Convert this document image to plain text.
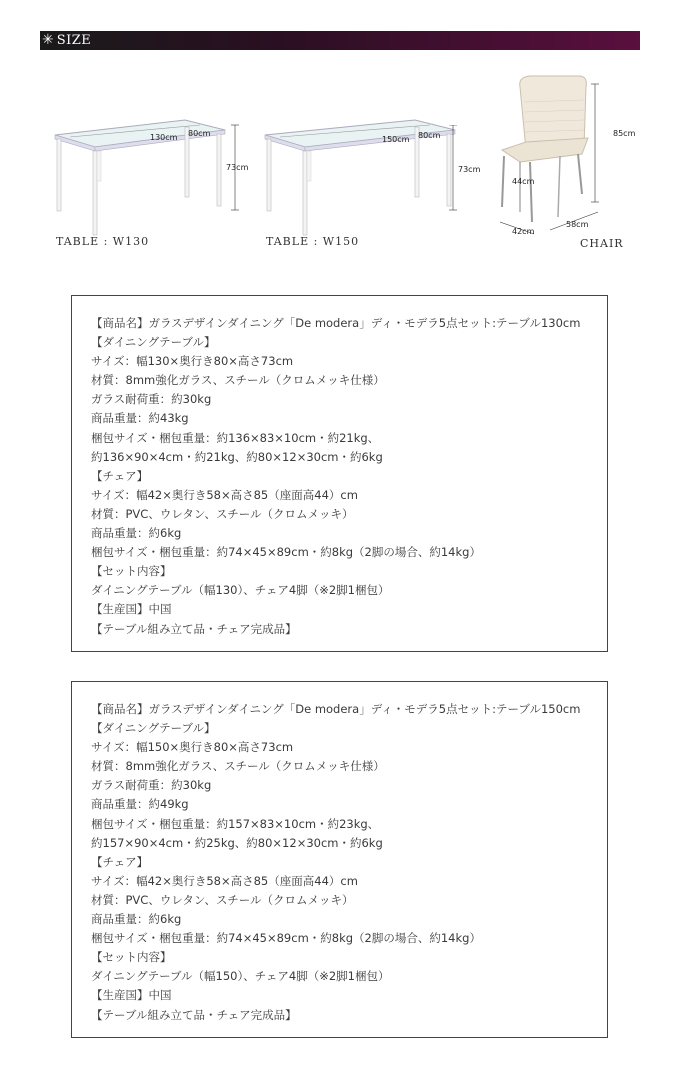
✳ SIZE
130cm 80cm
73cm
TABLE : W130
150cm 80cm
73cm
TABLE : W150
85cm
44cm
42cm
58cm
CHAIR
【商品名】ガラスデザインダイニング「De modera」ディ・モデラ5点セット:テーブル130cm
【ダイニングテーブル】
サイズ：幅130×奥行き80×高さ73cm
材質：8mm強化ガラス、スチール（クロムメッキ仕様）
ガラス耐荷重：約30kg
商品重量：約43kg
梱包サイズ・梱包重量：約136×83×10cm・約21kg、
約136×90×4cm・約21kg、約80×12×30cm・約6kg
【チェア】
サイズ：幅42×奥行き58×高さ85（座面高44）cm
材質：PVC、ウレタン、スチール（クロムメッキ）
商品重量：約6kg
梱包サイズ・梱包重量：約74×45×89cm・約8kg（2脚の場合、約14kg）
【セット内容】
ダイニングテーブル（幅130）、チェア4脚（※2脚1梱包）
【生産国】中国
【テーブル組み立て品・チェア完成品】
【商品名】ガラスデザインダイニング「De modera」ディ・モデラ5点セット:テーブル150cm
【ダイニングテーブル】
サイズ：幅150×奥行き80×高さ73cm
材質：8mm強化ガラス、スチール（クロムメッキ仕様）
ガラス耐荷重：約30kg
商品重量：約49kg
梱包サイズ・梱包重量：約157×83×10cm・約23kg、
約157×90×4cm・約25kg、約80×12×30cm・約6kg
【チェア】
サイズ：幅42×奥行き58×高さ85（座面高44）cm
材質：PVC、ウレタン、スチール（クロムメッキ）
商品重量：約6kg
梱包サイズ・梱包重量：約74×45×89cm・約8kg（2脚の場合、約14kg）
【セット内容】
ダイニングテーブル（幅150）、チェア4脚（※2脚1梱包）
【生産国】中国
【テーブル組み立て品・チェア完成品】
